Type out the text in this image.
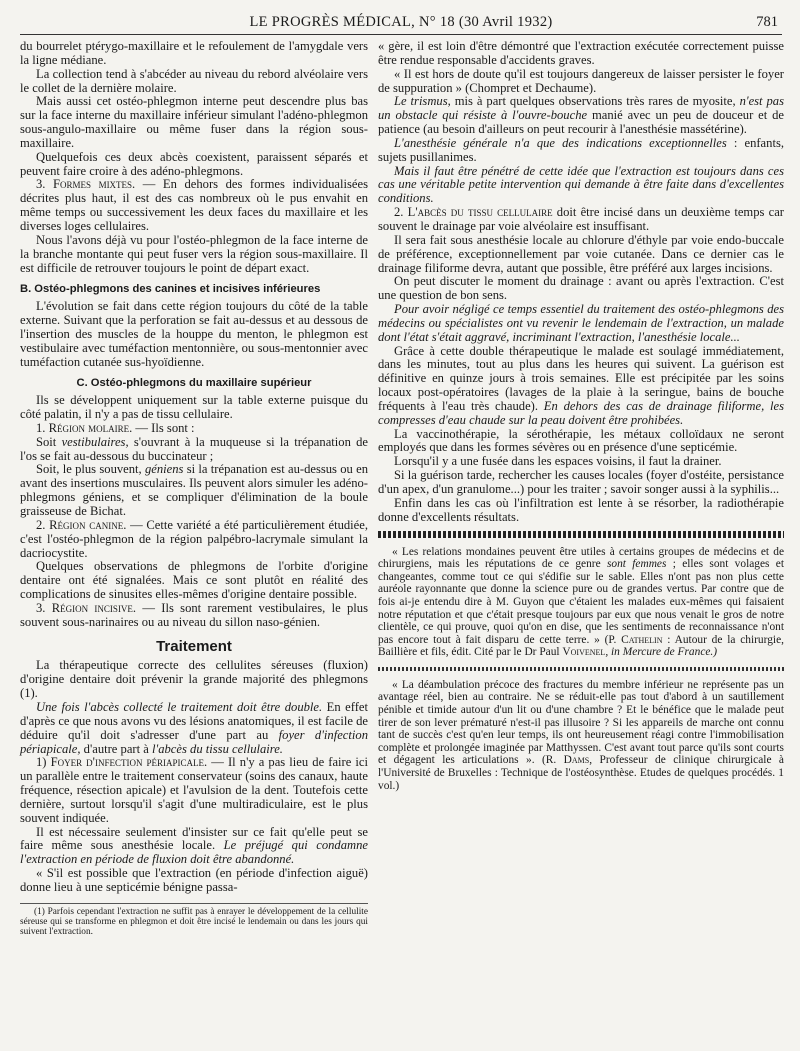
LE PROGRÈS MÉDICAL, N° 18 (30 Avril 1932)	781

du bourrelet ptérygo-maxillaire et le refoulement de l'amygdale vers la ligne médiane.

La collection tend à s'abcéder au niveau du rebord alvéolaire vers le collet de la dernière molaire.

Mais aussi cet ostéo-phlegmon interne peut descendre plus bas sur la face interne du maxillaire inférieur simulant l'adéno-phlegmon sous-angulo-maxillaire ou même fuser dans la région sous-maxillaire.

Quelquefois ces deux abcès coexistent, paraissent séparés et peuvent faire croire à des adéno-phlegmons.

3. Formes mixtes. — En dehors des formes individualisées décrites plus haut, il est des cas nombreux où le pus envahit en même temps ou successivement les deux faces du maxillaire et les diverses loges cellulaires.

Nous l'avons déjà vu pour l'ostéo-phlegmon de la face interne de la branche montante qui peut fuser vers la région sous-maxillaire. Il est difficile de retrouver toujours le point de départ exact.

B. Ostéo-phlegmons des canines et incisives inférieures

L'évolution se fait dans cette région toujours du côté de la table externe. Suivant que la perforation se fait au-dessus et au dessous de l'insertion des muscles de la houppe du menton, le phlegmon est vestibulaire avec tuméfaction mentonnière, ou sous-mentonnier avec tuméfaction cutanée sus-hyoïdienne.

C. Ostéo-phlegmons du maxillaire supérieur

Ils se développent uniquement sur la table externe puisque du côté palatin, il n'y a pas de tissu cellulaire.

1. Région molaire. — Ils sont :

Soit vestibulaires, s'ouvrant à la muqueuse si la trépanation de l'os se fait au-dessous du buccinateur ;

Soit, le plus souvent, géniens si la trépanation est au-dessus ou en avant des insertions musculaires. Ils peuvent alors simuler les adéno-phlegmons géniens, et se compliquer d'élimination de la boule graisseuse de Bichat.

2. Région canine. — Cette variété a été particulièrement étudiée, c'est l'ostéo-phlegmon de la région palpébro-lacrymale simulant la dacriocystite.

Quelques observations de phlegmons de l'orbite d'origine dentaire ont été signalées. Mais ce sont plutôt en réalité des complications de sinusites elles-mêmes d'origine dentaire possible.

3. Région incisive. — Ils sont rarement vestibulaires, le plus souvent sous-narinaires ou au niveau du sillon naso-génien.

Traitement

La thérapeutique correcte des cellulites séreuses (fluxion) d'origine dentaire doit prévenir la grande majorité des phlegmons (1).

Une fois l'abcès collecté le traitement doit être double. En effet d'après ce que nous avons vu des lésions anatomiques, il est facile de déduire qu'il doit s'adresser d'une part au foyer d'infection périapicale, d'autre part à l'abcès du tissu cellulaire.

1) Foyer d'infection périapicale. — Il n'y a pas lieu de faire ici un parallèle entre le traitement conservateur (soins des canaux, haute fréquence, résection apicale) et l'avulsion de la dent. Toutefois cette dernière, surtout lorsqu'il s'agit d'une multiradiculaire, est le plus souvent indiquée.

Il est nécessaire seulement d'insister sur ce fait qu'elle peut se faire même sous anesthésie locale. Le préjugé qui condamne l'extraction en période de fluxion doit être abandonné.

« S'il est possible que l'extraction (en période d'infection aiguë) donne lieu à une septicémie bénigne passa-

(1) Parfois cependant l'extraction ne suffit pas à enrayer le développement de la cellulite séreuse qui se transforme en phlegmon et doit être incisé le lendemain ou dans les jours qui suivent l'extraction.

« gère, il est loin d'être démontré que l'extraction exécutée correctement puisse être rendue responsable d'accidents graves.

« Il est hors de doute qu'il est toujours dangereux de laisser persister le foyer de suppuration » (Chompret et Dechaume).

Le trismus, mis à part quelques observations très rares de myosite, n'est pas un obstacle qui résiste à l'ouvre-bouche manié avec un peu de douceur et de patience (au besoin d'ailleurs on peut recourir à l'anesthésie massétérine).

L'anesthésie générale n'a que des indications exceptionnelles : enfants, sujets pusillanimes.

Mais il faut être pénétré de cette idée que l'extraction est toujours dans ces cas une véritable petite intervention qui demande à être faite dans d'excellentes conditions.

2. L'abcès du tissu cellulaire doit être incisé dans un deuxième temps car souvent le drainage par voie alvéolaire est insuffisant.

Il sera fait sous anesthésie locale au chlorure d'éthyle par voie endo-buccale de préférence, exceptionnellement par voie cutanée. Dans ce dernier cas le drainage filiforme devra, autant que possible, être préféré aux larges incisions.

On peut discuter le moment du drainage : avant ou après l'extraction. C'est une question de bon sens.

Pour avoir négligé ce temps essentiel du traitement des ostéo-phlegmons des médecins ou spécialistes ont vu revenir le lendemain de l'extraction, un malade dont l'état s'était aggravé, incriminant l'extraction, l'anesthésie locale...

Grâce à cette double thérapeutique le malade est soulagé immédiatement, dans les minutes, tout au plus dans les heures qui suivent. La guérison est définitive en quinze jours à trois semaines. Elle est précipitée par les soins locaux post-opératoires (lavages de la plaie à la seringue, bains de bouche fréquents à l'eau très chaude). En dehors des cas de drainage filiforme, les compresses d'eau chaude sur la peau doivent être prohibées.

La vaccinothérapie, la sérothérapie, les métaux colloïdaux ne seront employés que dans les formes sévères ou en présence d'une septicémie.

Lorsqu'il y a une fusée dans les espaces voisins, il faut la drainer.

Si la guérison tarde, rechercher les causes locales (foyer d'ostéite, persistance d'un apex, d'un granulome...) pour les traiter ; savoir songer aussi à la syphilis...

Enfin dans les cas où l'infiltration est lente à se résorber, la radiothérapie donne d'excellents résultats.

« Les relations mondaines peuvent être utiles à certains groupes de médecins et de chirurgiens, mais les réputations de ce genre sont femmes ; elles sont volages et changeantes, comme tout ce qui s'édifie sur le sable. Elles n'ont pas non plus cette auréole rayonnante que donne la science pure ou de grandes vertus. Par contre que de fois ai-je entendu dire à M. Guyon que c'étaient les malades eux-mêmes qui faisaient notre réputation et que c'était presque toujours par eux que nous venait le gros de notre clientèle, ce qui prouve, quoi qu'on en dise, que les sentiments de reconnaissance n'ont pas encore tout à fait disparu de cette terre. » (P. Cathelin : Autour de la chirurgie, Baillière et fils, édit. Cité par le Dr Paul Voivenel, in Mercure de France.)

« La déambulation précoce des fractures du membre inférieur ne représente pas un avantage réel, bien au contraire. Ne se réduit-elle pas tout d'abord à un sautillement pénible et timide autour d'un lit ou d'une chambre ? Et le bénéfice que le malade peut tirer de son lever prématuré n'est-il pas illusoire ? Si les appareils de marche ont connu tant de succès c'est qu'en leur temps, ils ont heureusement réagi contre l'immobilisation complète et prolongée imaginée par Matthyssen. C'est avant tout parce qu'ils sont courts et dégagent les articulations ». (R. Dams, Professeur de clinique chirurgicale à l'Université de Bruxelles : Technique de l'ostéosynthèse. Etudes de quelques procédés. 1 vol.)
